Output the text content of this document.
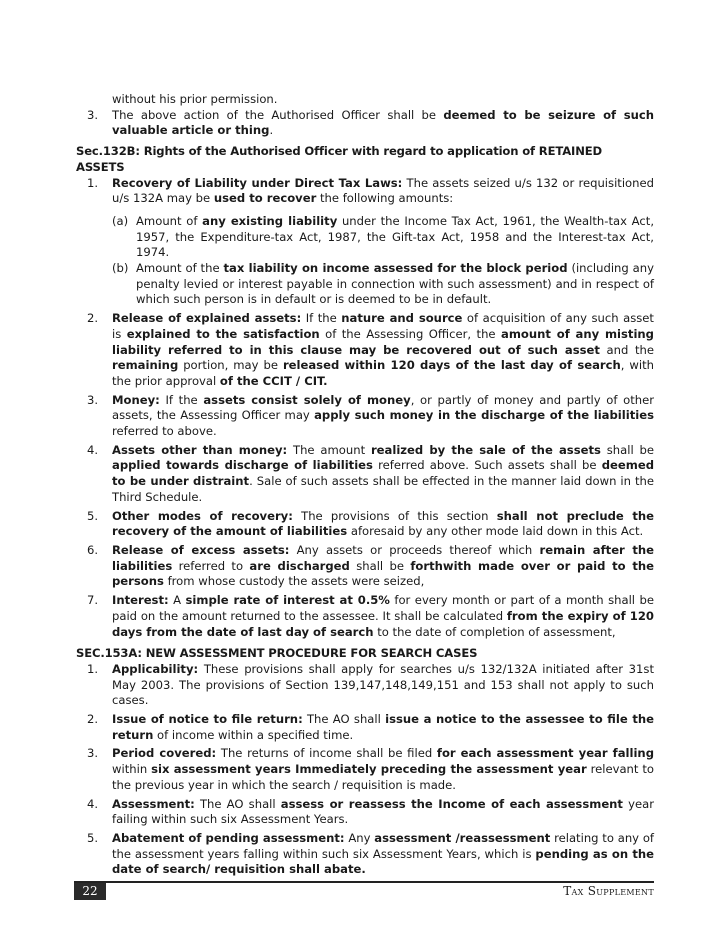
without his prior permission.
3. The above action of the Authorised Officer shall be deemed to be seizure of such valuable article or thing.
Sec.132B: Rights of the Authorised Officer with regard to application of RETAINED ASSETS
1. Recovery of Liability under Direct Tax Laws: The assets seized u/s 132 or requisitioned u/s 132A may be used to recover the following amounts:
(a) Amount of any existing liability under the Income Tax Act, 1961, the Wealth-tax Act, 1957, the Expenditure-tax Act, 1987, the Gift-tax Act, 1958 and the Interest-tax Act, 1974.
(b) Amount of the tax liability on income assessed for the block period (including any penalty levied or interest payable in connection with such assessment) and in respect of which such person is in default or is deemed to be in default.
2. Release of explained assets: If the nature and source of acquisition of any such asset is explained to the satisfaction of the Assessing Officer, the amount of any misting liability referred to in this clause may be recovered out of such asset and the remaining portion, may be released within 120 days of the last day of search, with the prior approval of the CCIT / CIT.
3. Money: If the assets consist solely of money, or partly of money and partly of other assets, the Assessing Officer may apply such money in the discharge of the liabilities referred to above.
4. Assets other than money: The amount realized by the sale of the assets shall be applied towards discharge of liabilities referred above. Such assets shall be deemed to be under distraint. Sale of such assets shall be effected in the manner laid down in the Third Schedule.
5. Other modes of recovery: The provisions of this section shall not preclude the recovery of the amount of liabilities aforesaid by any other mode laid down in this Act.
6. Release of excess assets: Any assets or proceeds thereof which remain after the liabilities referred to are discharged shall be forthwith made over or paid to the persons from whose custody the assets were seized,
7. Interest: A simple rate of interest at 0.5% for every month or part of a month shall be paid on the amount returned to the assessee. It shall be calculated from the expiry of 120 days from the date of last day of search to the date of completion of assessment,
SEC.153A: NEW ASSESSMENT PROCEDURE FOR SEARCH CASES
1. Applicability: These provisions shall apply for searches u/s 132/132A initiated after 31st May 2003. The provisions of Section 139,147,148,149,151 and 153 shall not apply to such cases.
2. Issue of notice to file return: The AO shall issue a notice to the assessee to file the return of income within a specified time.
3. Period covered: The returns of income shall be filed for each assessment year falling within six assessment years Immediately preceding the assessment year relevant to the previous year in which the search / requisition is made.
4. Assessment: The AO shall assess or reassess the Income of each assessment year failing within such six Assessment Years.
5. Abatement of pending assessment: Any assessment /reassessment relating to any of the assessment years falling within such six Assessment Years, which is pending as on the date of search/ requisition shall abate.
22	Tax Supplement
